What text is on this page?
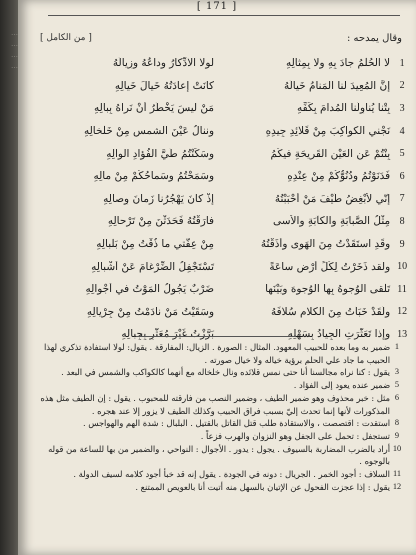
⋯
⋯
⋯
⋯
[ 171 ]
وقال يمدحه :
[ من الكامل ]
1
لا الحُلْمُ جادَ بِهِ ولا بِمِثالِهِ
لولا الادِّكارُ وداعُهُ وزِيالُهُ
2
إِنَّ المُعِيدَ لنا المَنامُ خَيالَهُ
كانَتْ إِعادَتُهُ خَيالَ خَيالِهِ
3
بِتْنا يُناوِلُنا المُدامَ بِكَفِّهِ
مَنْ ليسَ يَخْطُرُ أنْ نَراهُ بِبالِهِ
4
نَجْني الكواكِبَ مِنْ قَلائِدِ جِيدِهِ
وننالُ عَيْنَ الشمسِ مِنْ خَلْخالِهِ
5
بِنْتُمْ عَنِ العَيْنِ القَريحَةِ فيكُمُ
وسَكَنْتُمُ طَيَّ الفُؤادِ الوالِهِ
6
فَدَنَوْتُمُ ودُنُوُّكُمْ مِنْ عِنْدِهِ
وسَمَحْتُمُ وسَماحُكُمْ مِنْ مالِهِ
7
إِنّي لأُبْغِضُ طَيْفَ مَنْ أَحْبَبْتُهُ
إذْ كانَ يَهْجُرُنا زَمانَ وِصالِهِ
8
مِثْلُ الصَّبابَةِ والكآبَةِ والأسى
فارَقْتُهُ فَحَدَثْنَ مِنْ تَرْحالِهِ
9
وقَدِ استَقَدْتُ مِنَ الهَوى وأذَقْتُهُ
مِنْ عِفَّتي ما ذُقْتُ مِنْ بَلْبالِهِ
10
ولقد ذَخَرْتُ لِكُلِّ أرْضٍ ساعَةً
تَسْتَجْفِلُ الضِّرْغامَ عَنْ أشْبالِهِ
11
تَلْقى الوُجوهُ بِها الوُجوهَ وبَيْنَها
ضَرْبٌ يَجُولُ المَوْتُ في أجْوالِهِ
12
ولَقَدْ خَبَأْتُ مِنَ الكلامِ سُلافَهُ
وسَقَيْتُ مَنْ نادَمْتُ مِنْ جِرْيالِهِ
13
وإذا تَعَثَّرَتِ الجِيادُ بِسَهْلِهِ
بَرَّزْتُ غَيْرَ مُعَثَّرٍ بِجِبالِهِ
1
ضمير به وما بعده للحبيب المعهود. المثال : الصورة . الزيال: المفارقة . يقول: لولا استفادة تذكري لهذا
الحبيب ما جاد علي الحلم برؤية خياله ولا خيال صورته .
3
يقول : كنا نراه مجالسنا أنا حتى نمس قلائده ونال خلخاله مع أنهما كالكواكب والشمس في البعد .
5
ضمير عنده يعود إلى الفؤاد .
6
مثل : خبر محذوف وهو ضمير الطيف ، وضمير النصب من فارقته للمحبوب . يقول : إن الطيف مثل هذه
المذكورات لأنها إنما تحدث إليّ بسبب فراق الحبيب وكذلك الطيف لا يزور إلا عند هجره .
8
استقدت : اقتصصت ، والاستقادة طلب قتل القاتل بالقتيل . البلبال : شدة الهم والهواجس .
9
تستجفل : تحمل على الجفل وهو النزوان والهرب فزعاً .
10
أراد بالضرب المضاربة بالسيوف . يجول : يدور . الأجوال : النواحي ، والضمير من بها للساعة من قوله
بالوجوه .
11
السلاف : أجود الخمر . الجريال : دونه في الجودة . يقول إنه قد خبأ أجود كلامه لسيف الدولة .
12
يقول : إذا عجزت الفحول عن الإتيان بالسهل منه أتيت أنا بالعويص الممتنع .
